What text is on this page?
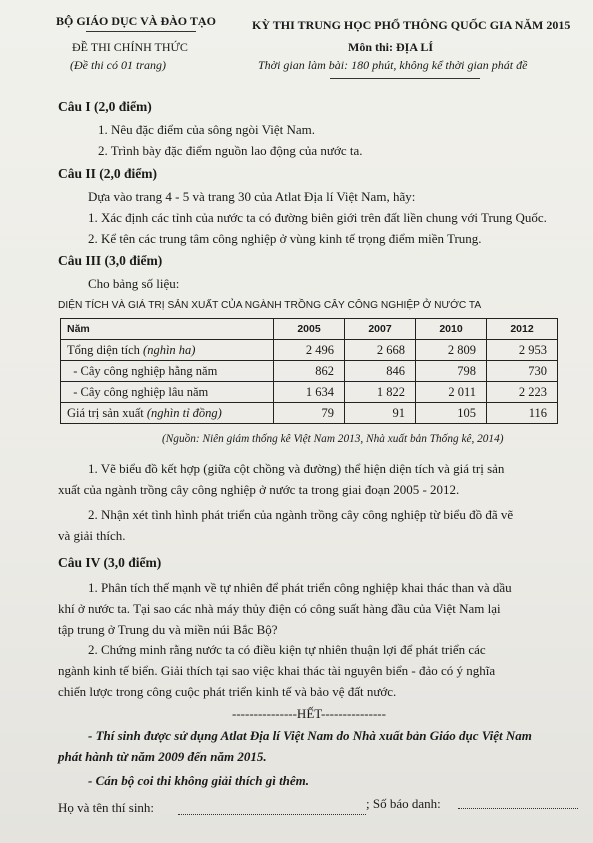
BỘ GIÁO DỤC VÀ ĐÀO TẠO
ĐỀ THI CHÍNH THỨC
(Đề thi có 01 trang)
KỲ THI TRUNG HỌC PHỔ THÔNG QUỐC GIA NĂM 2015
Môn thi: ĐỊA LÍ
Thời gian làm bài: 180 phút, không kể thời gian phát đề
Câu I (2,0 điểm)
1. Nêu đặc điểm của sông ngòi Việt Nam.
2. Trình bày đặc điểm nguồn lao động của nước ta.
Câu II (2,0 điểm)
Dựa vào trang 4 - 5 và trang 30 của Atlat Địa lí Việt Nam, hãy:
1. Xác định các tỉnh của nước ta có đường biên giới trên đất liền chung với Trung Quốc.
2. Kể tên các trung tâm công nghiệp ở vùng kinh tế trọng điểm miền Trung.
Câu III (3,0 điểm)
Cho bảng số liệu:
DIỆN TÍCH VÀ GIÁ TRỊ SẢN XUẤT CỦA NGÀNH TRỒNG CÂY CÔNG NGHIỆP Ở NƯỚC TA
Năm	2005	2007	2010	2012
Tổng diện tích (nghìn ha)	2 496	2 668	2 809	2 953
- Cây công nghiệp hằng năm	862	846	798	730
- Cây công nghiệp lâu năm	1 634	1 822	2 011	2 223
Giá trị sản xuất (nghìn tỉ đồng)	79	91	105	116
(Nguồn: Niên giám thống kê Việt Nam 2013, Nhà xuất bản Thống kê, 2014)
1. Vẽ biểu đồ kết hợp (giữa cột chồng và đường) thể hiện diện tích và giá trị sản
xuất của ngành trồng cây công nghiệp ở nước ta trong giai đoạn 2005 - 2012.
2. Nhận xét tình hình phát triển của ngành trồng cây công nghiệp từ biểu đồ đã vẽ
và giải thích.
Câu IV (3,0 điểm)
1. Phân tích thế mạnh về tự nhiên để phát triển công nghiệp khai thác than và dầu
khí ở nước ta. Tại sao các nhà máy thủy điện có công suất hàng đầu của Việt Nam lại
tập trung ở Trung du và miền núi Bắc Bộ?
2. Chứng minh rằng nước ta có điều kiện tự nhiên thuận lợi để phát triển các
ngành kinh tế biển. Giải thích tại sao việc khai thác tài nguyên biển - đảo có ý nghĩa
chiến lược trong công cuộc phát triển kinh tế và bảo vệ đất nước.
---------------HẾT---------------
- Thí sinh được sử dụng Atlat Địa lí Việt Nam do Nhà xuất bản Giáo dục Việt Nam
phát hành từ năm 2009 đến năm 2015.
- Cán bộ coi thi không giải thích gì thêm.
Họ và tên thí sinh:	; Số báo danh:
